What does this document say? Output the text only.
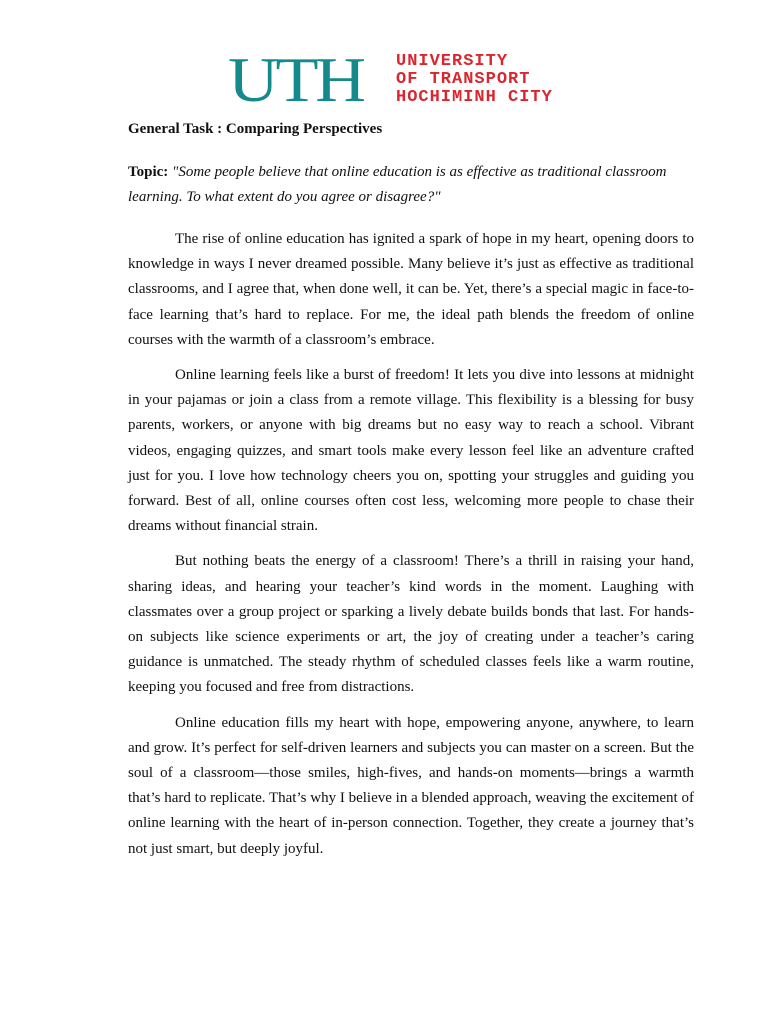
UTH	UNIVERSITY
OF TRANSPORT
HOCHIMINH CITY

General Task : Comparing Perspectives

Topic: "Some people believe that online education is as effective as traditional classroom learning. To what extent do you agree or disagree?"

The rise of online education has ignited a spark of hope in my heart, opening doors to knowledge in ways I never dreamed possible. Many believe it’s just as effective as traditional classrooms, and I agree that, when done well, it can be. Yet, there’s a special magic in face-to-face learning that’s hard to replace. For me, the ideal path blends the freedom of online courses with the warmth of a classroom’s embrace.

Online learning feels like a burst of freedom! It lets you dive into lessons at midnight in your pajamas or join a class from a remote village. This flexibility is a blessing for busy parents, workers, or anyone with big dreams but no easy way to reach a school. Vibrant videos, engaging quizzes, and smart tools make every lesson feel like an adventure crafted just for you. I love how technology cheers you on, spotting your struggles and guiding you forward. Best of all, online courses often cost less, welcoming more people to chase their dreams without financial strain.

But nothing beats the energy of a classroom! There’s a thrill in raising your hand, sharing ideas, and hearing your teacher’s kind words in the moment. Laughing with classmates over a group project or sparking a lively debate builds bonds that last. For hands-on subjects like science experiments or art, the joy of creating under a teacher’s caring guidance is unmatched. The steady rhythm of scheduled classes feels like a warm routine, keeping you focused and free from distractions.

Online education fills my heart with hope, empowering anyone, anywhere, to learn and grow. It’s perfect for self-driven learners and subjects you can master on a screen. But the soul of a classroom—those smiles, high-fives, and hands-on moments—brings a warmth that’s hard to replicate. That’s why I believe in a blended approach, weaving the excitement of online learning with the heart of in-person connection. Together, they create a journey that’s not just smart, but deeply joyful.
